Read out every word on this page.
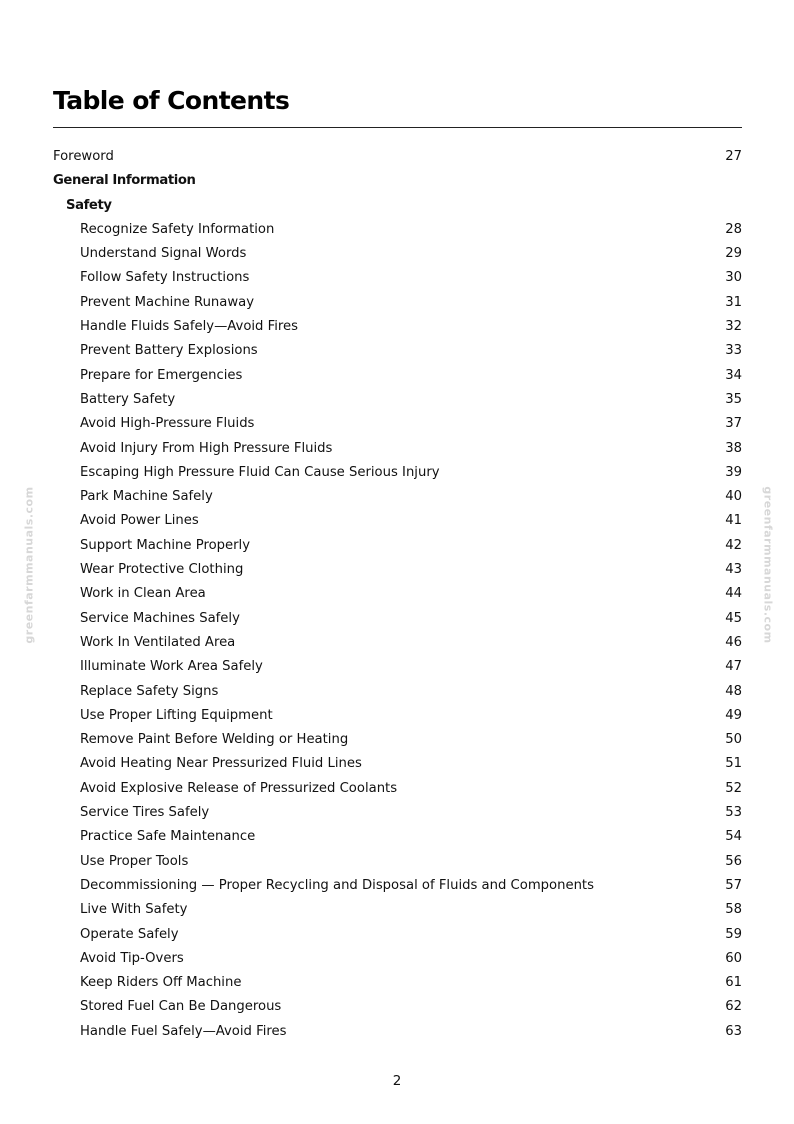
Table of Contents
Foreword	27
General Information
Safety
Recognize Safety Information	28
Understand Signal Words	29
Follow Safety Instructions	30
Prevent Machine Runaway	31
Handle Fluids Safely—Avoid Fires	32
Prevent Battery Explosions	33
Prepare for Emergencies	34
Battery Safety	35
Avoid High-Pressure Fluids	37
Avoid Injury From High Pressure Fluids	38
Escaping High Pressure Fluid Can Cause Serious Injury	39
Park Machine Safely	40
Avoid Power Lines	41
Support Machine Properly	42
Wear Protective Clothing	43
Work in Clean Area	44
Service Machines Safely	45
Work In Ventilated Area	46
Illuminate Work Area Safely	47
Replace Safety Signs	48
Use Proper Lifting Equipment	49
Remove Paint Before Welding or Heating	50
Avoid Heating Near Pressurized Fluid Lines	51
Avoid Explosive Release of Pressurized Coolants	52
Service Tires Safely	53
Practice Safe Maintenance	54
Use Proper Tools	56
Decommissioning — Proper Recycling and Disposal of Fluids and Components	57
Live With Safety	58
Operate Safely	59
Avoid Tip-Overs	60
Keep Riders Off Machine	61
Stored Fuel Can Be Dangerous	62
Handle Fuel Safely—Avoid Fires	63
greenfarmmanuals.com	greenfarmmanuals.com
2
